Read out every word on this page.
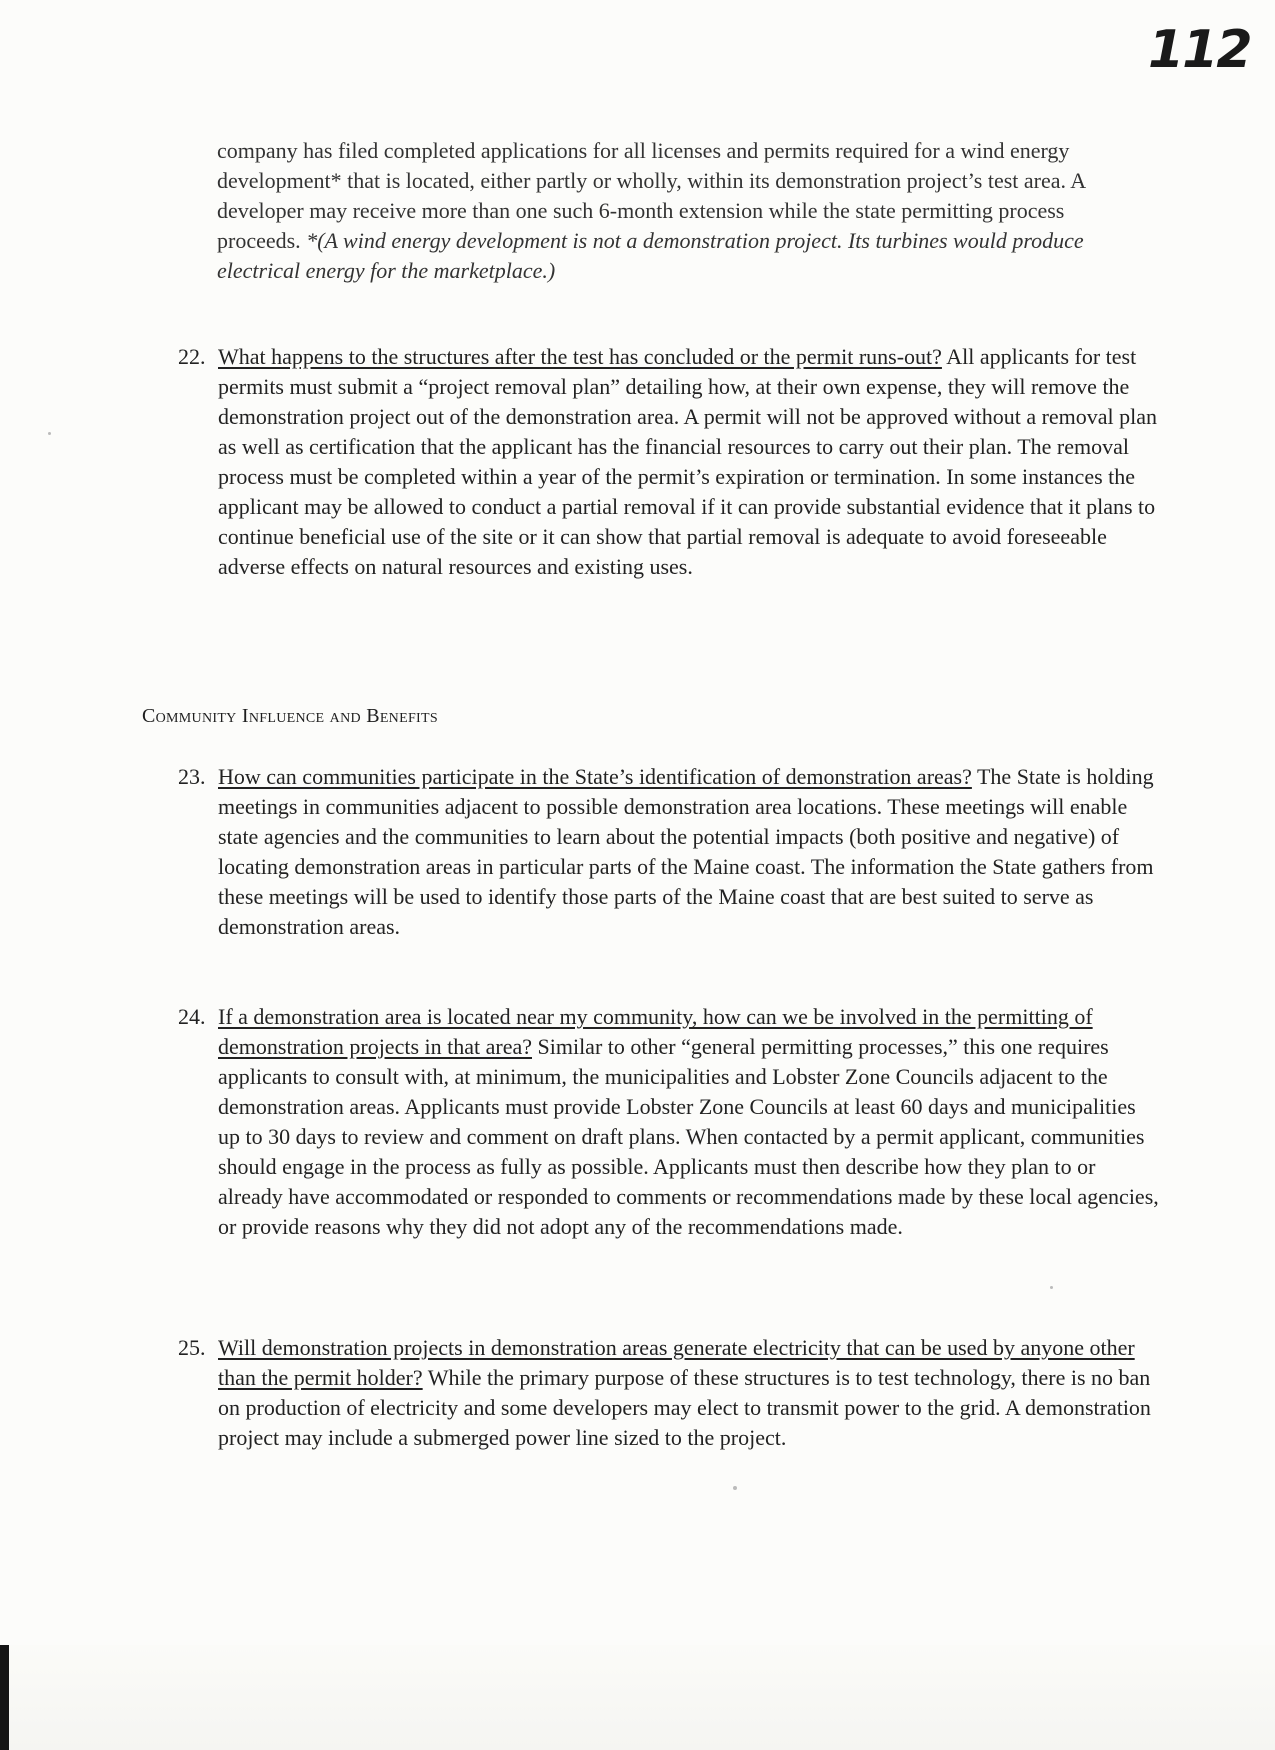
112

company has filed completed applications for all licenses and permits required for a wind energy development* that is located, either partly or wholly, within its demonstration project’s test area. A developer may receive more than one such 6-month extension while the state permitting process proceeds. *(A wind energy development is not a demonstration project. Its turbines would produce electrical energy for the marketplace.)

22. What happens to the structures after the test has concluded or the permit runs-out? All applicants for test permits must submit a “project removal plan” detailing how, at their own expense, they will remove the demonstration project out of the demonstration area. A permit will not be approved without a removal plan as well as certification that the applicant has the financial resources to carry out their plan. The removal process must be completed within a year of the permit’s expiration or termination. In some instances the applicant may be allowed to conduct a partial removal if it can provide substantial evidence that it plans to continue beneficial use of the site or it can show that partial removal is adequate to avoid foreseeable adverse effects on natural resources and existing uses.
Community Influence and Benefits
23. How can communities participate in the State’s identification of demonstration areas? The State is holding meetings in communities adjacent to possible demonstration area locations. These meetings will enable state agencies and the communities to learn about the potential impacts (both positive and negative) of locating demonstration areas in particular parts of the Maine coast. The information the State gathers from these meetings will be used to identify those parts of the Maine coast that are best suited to serve as demonstration areas.
24. If a demonstration area is located near my community, how can we be involved in the permitting of demonstration projects in that area? Similar to other “general permitting processes,” this one requires applicants to consult with, at minimum, the municipalities and Lobster Zone Councils adjacent to the demonstration areas. Applicants must provide Lobster Zone Councils at least 60 days and municipalities up to 30 days to review and comment on draft plans. When contacted by a permit applicant, communities should engage in the process as fully as possible. Applicants must then describe how they plan to or already have accommodated or responded to comments or recommendations made by these local agencies, or provide reasons why they did not adopt any of the recommendations made.
25. Will demonstration projects in demonstration areas generate electricity that can be used by anyone other than the permit holder? While the primary purpose of these structures is to test technology, there is no ban on production of electricity and some developers may elect to transmit power to the grid. A demonstration project may include a submerged power line sized to the project.
